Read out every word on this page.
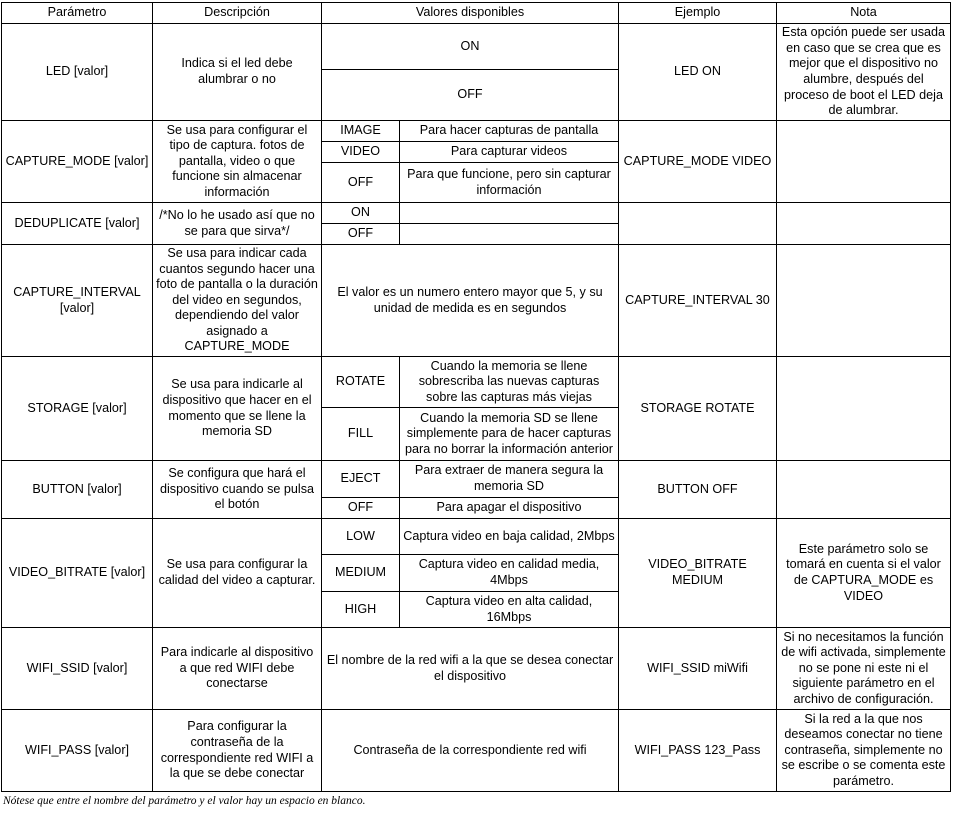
Parámetro	Descripción	Valores disponibles		Ejemplo	Nota
LED [valor]	Indica si el led debe alumbrar o no	ON		LED ON	Esta opción puede ser usada en caso que se crea que es mejor que el dispositivo no alumbre, después del proceso de boot el LED deja de alumbrar.
		OFF			
CAPTURE_MODE [valor]	Se usa para configurar el tipo de captura. fotos de pantalla, video o que funcione sin almacenar información	IMAGE	Para hacer capturas de pantalla	CAPTURE_MODE VIDEO	
		VIDEO	Para capturar videos		
		OFF	Para que funcione, pero sin capturar información		
DEDUPLICATE [valor]	/*No lo he usado así que no se para que sirva*/	ON			
		OFF			
CAPTURE_INTERVAL [valor]	Se usa para indicar cada cuantos segundo hacer una foto de pantalla o la duración del video en segundos, dependiendo del valor asignado a CAPTURE_MODE	El valor es un numero entero mayor que 5, y su unidad de medida es en segundos		CAPTURE_INTERVAL 30	
STORAGE [valor]	Se usa para indicarle al dispositivo que hacer en el momento que se llene la memoria SD	ROTATE	Cuando la memoria se llene sobrescriba las nuevas capturas sobre las capturas más viejas	STORAGE ROTATE	
		FILL	Cuando la memoria SD se llene simplemente para de hacer capturas para no borrar la información anterior		
BUTTON [valor]	Se configura que hará el dispositivo cuando se pulsa el botón	EJECT	Para extraer de manera segura la memoria SD	BUTTON OFF	
		OFF	Para apagar el dispositivo		
VIDEO_BITRATE [valor]	Se usa para configurar la calidad del video a capturar.	LOW	Captura video en baja calidad, 2Mbps	VIDEO_BITRATE MEDIUM	Este parámetro solo se tomará en cuenta si el valor de CAPTURA_MODE es VIDEO
		MEDIUM	Captura video en calidad media, 4Mbps		
		HIGH	Captura video en alta calidad, 16Mbps		
WIFI_SSID [valor]	Para indicarle al dispositivo a que red WIFI debe conectarse	El nombre de la red wifi a la que se desea conectar el dispositivo		WIFI_SSID miWifi	Si no necesitamos la función de wifi activada, simplemente no se pone ni este ni el siguiente parámetro en el archivo de configuración.
WIFI_PASS [valor]	Para configurar la contraseña de la correspondiente red WIFI a la que se debe conectar	Contraseña de la correspondiente red wifi		WIFI_PASS 123_Pass	Si la red a la que nos deseamos conectar no tiene contraseña, simplemente no se escribe o se comenta este parámetro.
Nótese que entre el nombre del parámetro y el valor hay un espacio en blanco.
